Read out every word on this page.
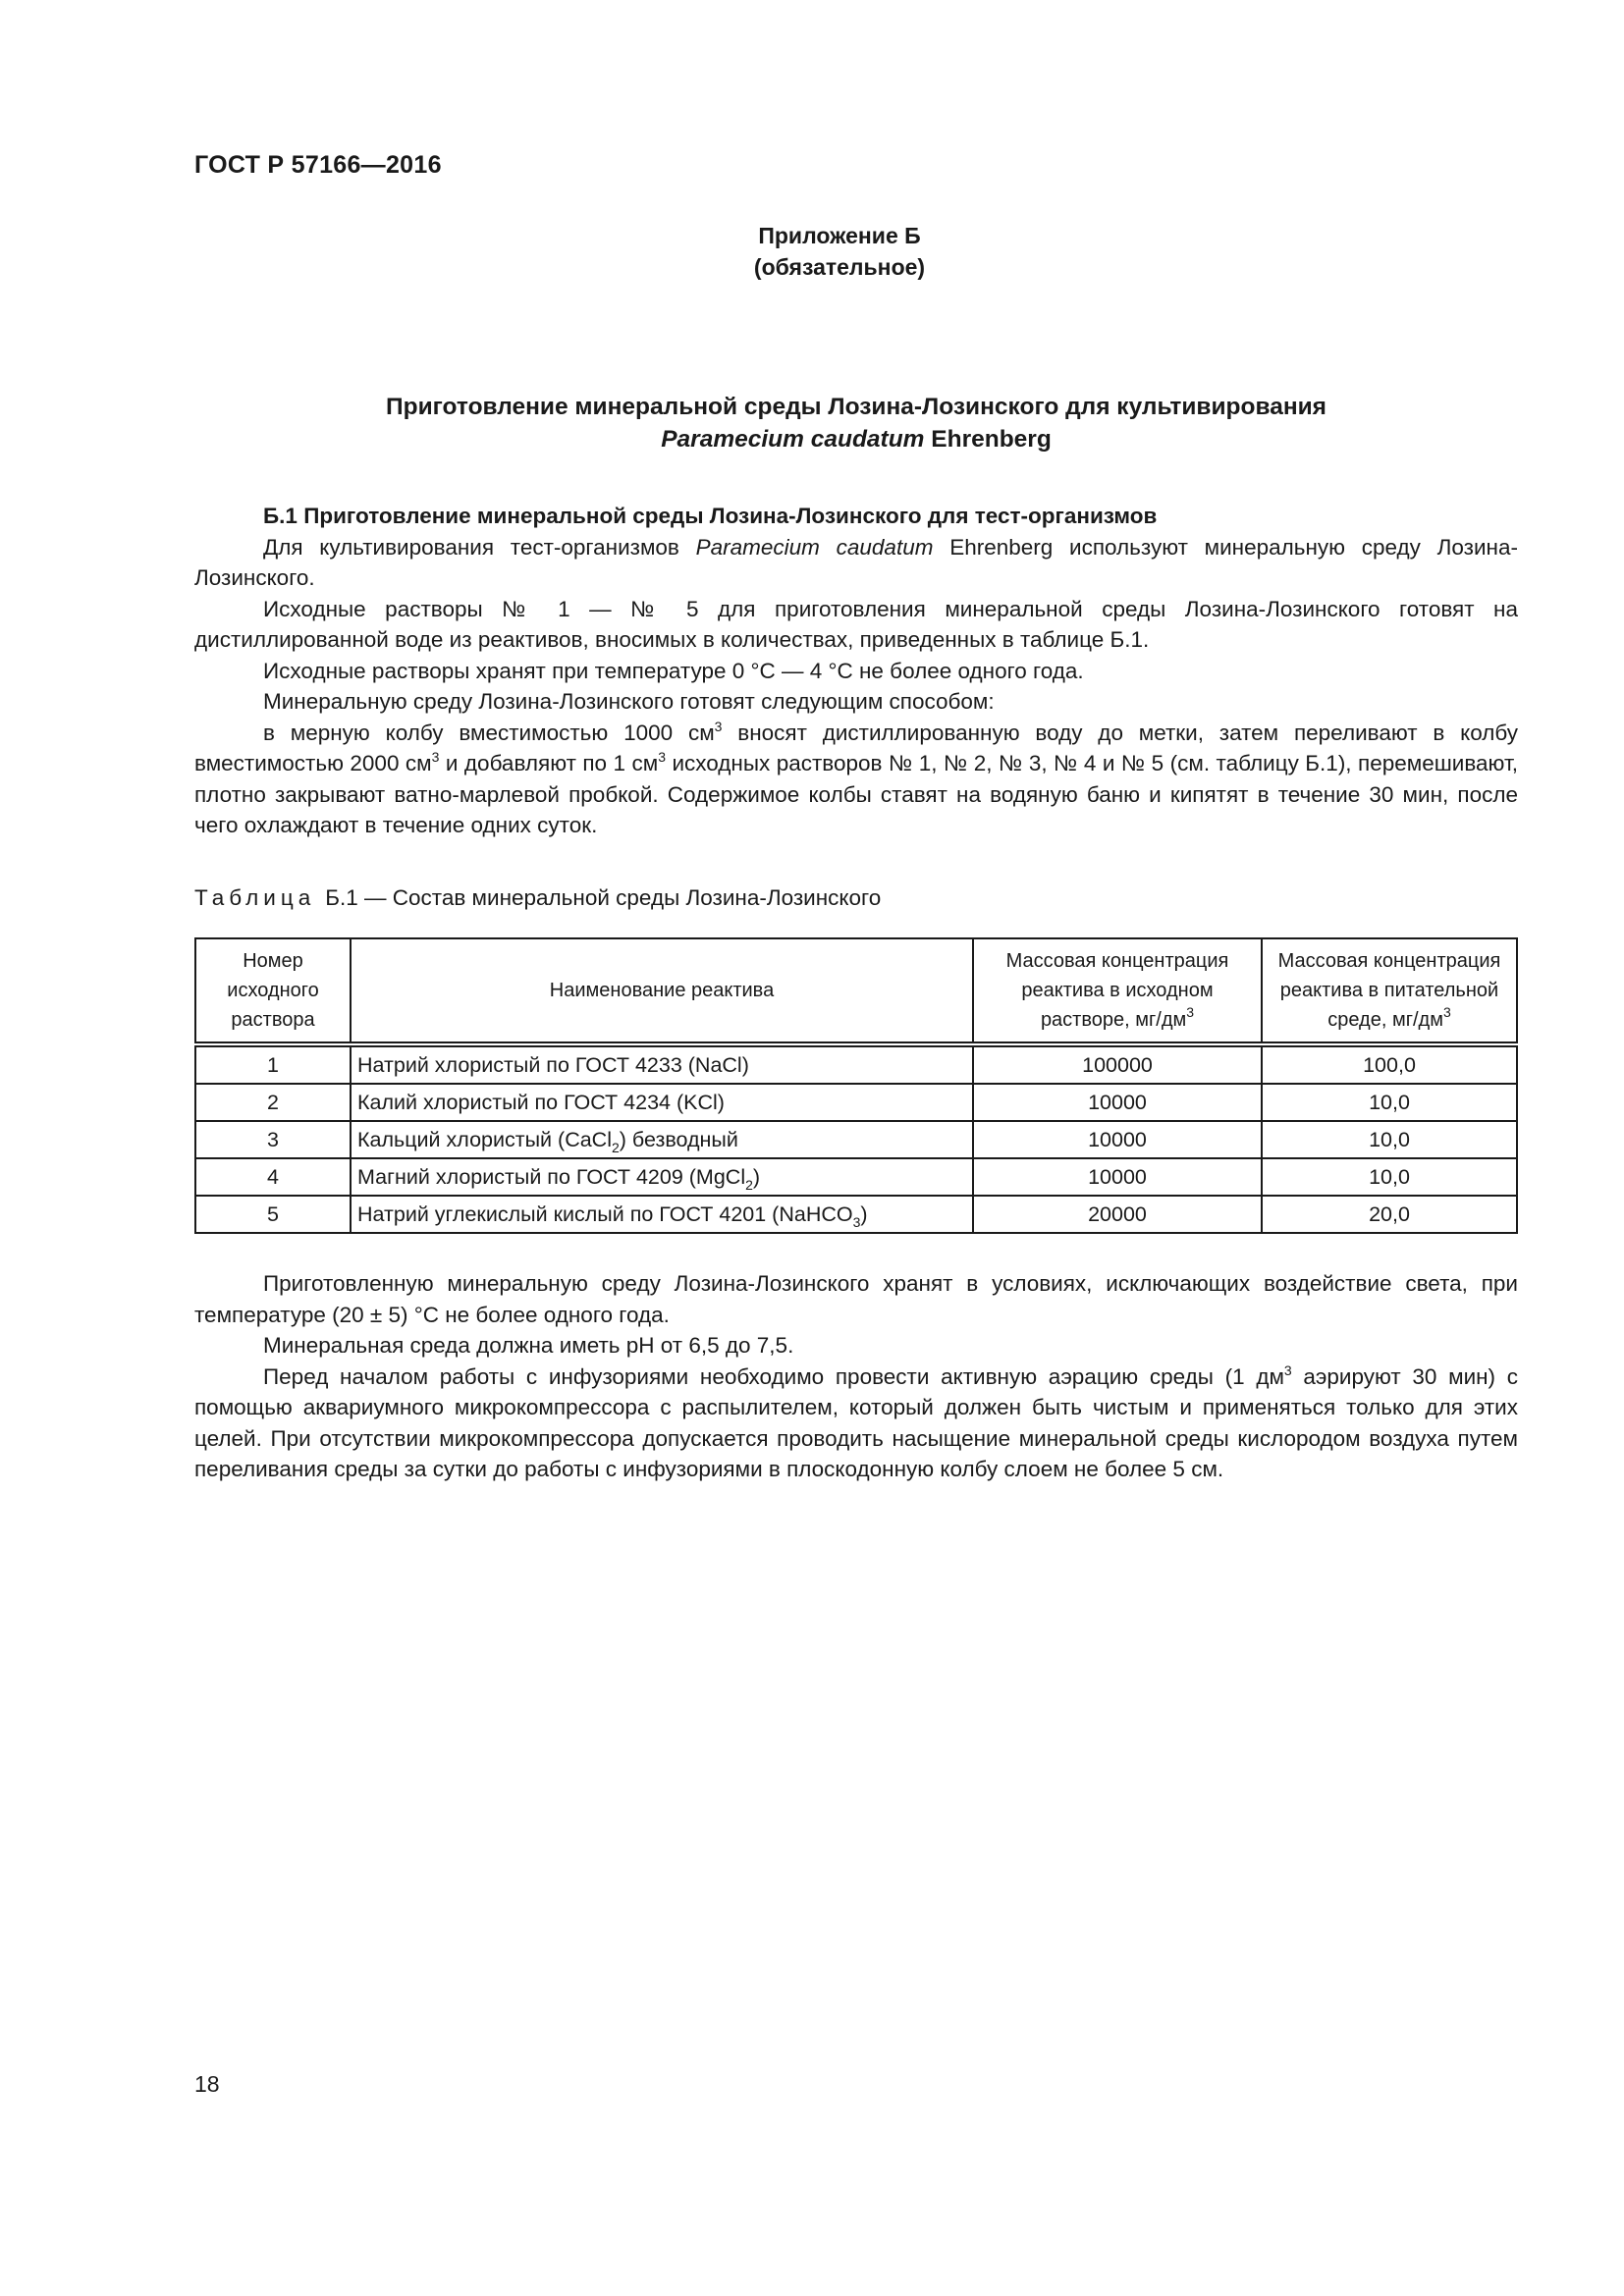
ГОСТ Р 57166—2016
Приложение Б
(обязательное)
Приготовление минеральной среды Лозина-Лозинского для культивирования
Paramecium caudatum Ehrenberg

Б.1 Приготовление минеральной среды Лозина-Лозинского для тест-организмов

Для культивирования тест-организмов Paramecium caudatum Ehrenberg используют минеральную среду Лозина-Лозинского.

Исходные растворы № 1 — № 5 для приготовления минеральной среды Лозина-Лозинского готовят на дистиллированной воде из реактивов, вносимых в количествах, приведенных в таблице Б.1.

Исходные растворы хранят при температуре 0 °С — 4 °С не более одного года.

Минеральную среду Лозина-Лозинского готовят следующим способом:

в мерную колбу вместимостью 1000 $см^3$ вносят дистиллированную воду до метки, затем переливают в колбу вместимостью 2000 $см^3$ и добавляют по 1 $см^3$ исходных растворов № 1, № 2, № 3, № 4 и № 5 (см. таблицу Б.1), перемешивают, плотно закрывают ватно-марлевой пробкой. Содержимое колбы ставят на водяную баню и кипятят в течение 30 мин, после чего охлаждают в течение одних суток.

Таблица Б.1 — Состав минеральной среды Лозина-Лозинского
Номер исходного раствора	Наименование реактива	Массовая концентрация реактива в исходном растворе, $мг/дм^3$	Массовая концентрация реактива в питательной среде, $мг/дм^3$
1	Натрий хлористый по ГОСТ 4233 (NaCl)	100000	100,0
2	Калий хлористый по ГОСТ 4234 (KCl)	10000	10,0
3	Кальций хлористый (CaCl$_2$) безводный	10000	10,0
4	Магний хлористый по ГОСТ 4209 (MgCl$_2$)	10000	10,0
5	Натрий углекислый кислый по ГОСТ 4201 (NaHCO$_3$)	20000	20,0

Приготовленную минеральную среду Лозина-Лозинского хранят в условиях, исключающих воздействие света, при температуре (20 ± 5) °С не более одного года.

Минеральная среда должна иметь pH от 6,5 до 7,5.

Перед началом работы с инфузориями необходимо провести активную аэрацию среды (1 $дм^3$ аэрируют 30 мин) с помощью аквариумного микрокомпрессора с распылителем, который должен быть чистым и применяться только для этих целей. При отсутствии микрокомпрессора допускается проводить насыщение минеральной среды кислородом воздуха путем переливания среды за сутки до работы с инфузориями в плоскодонную колбу слоем не более 5 см.

18
